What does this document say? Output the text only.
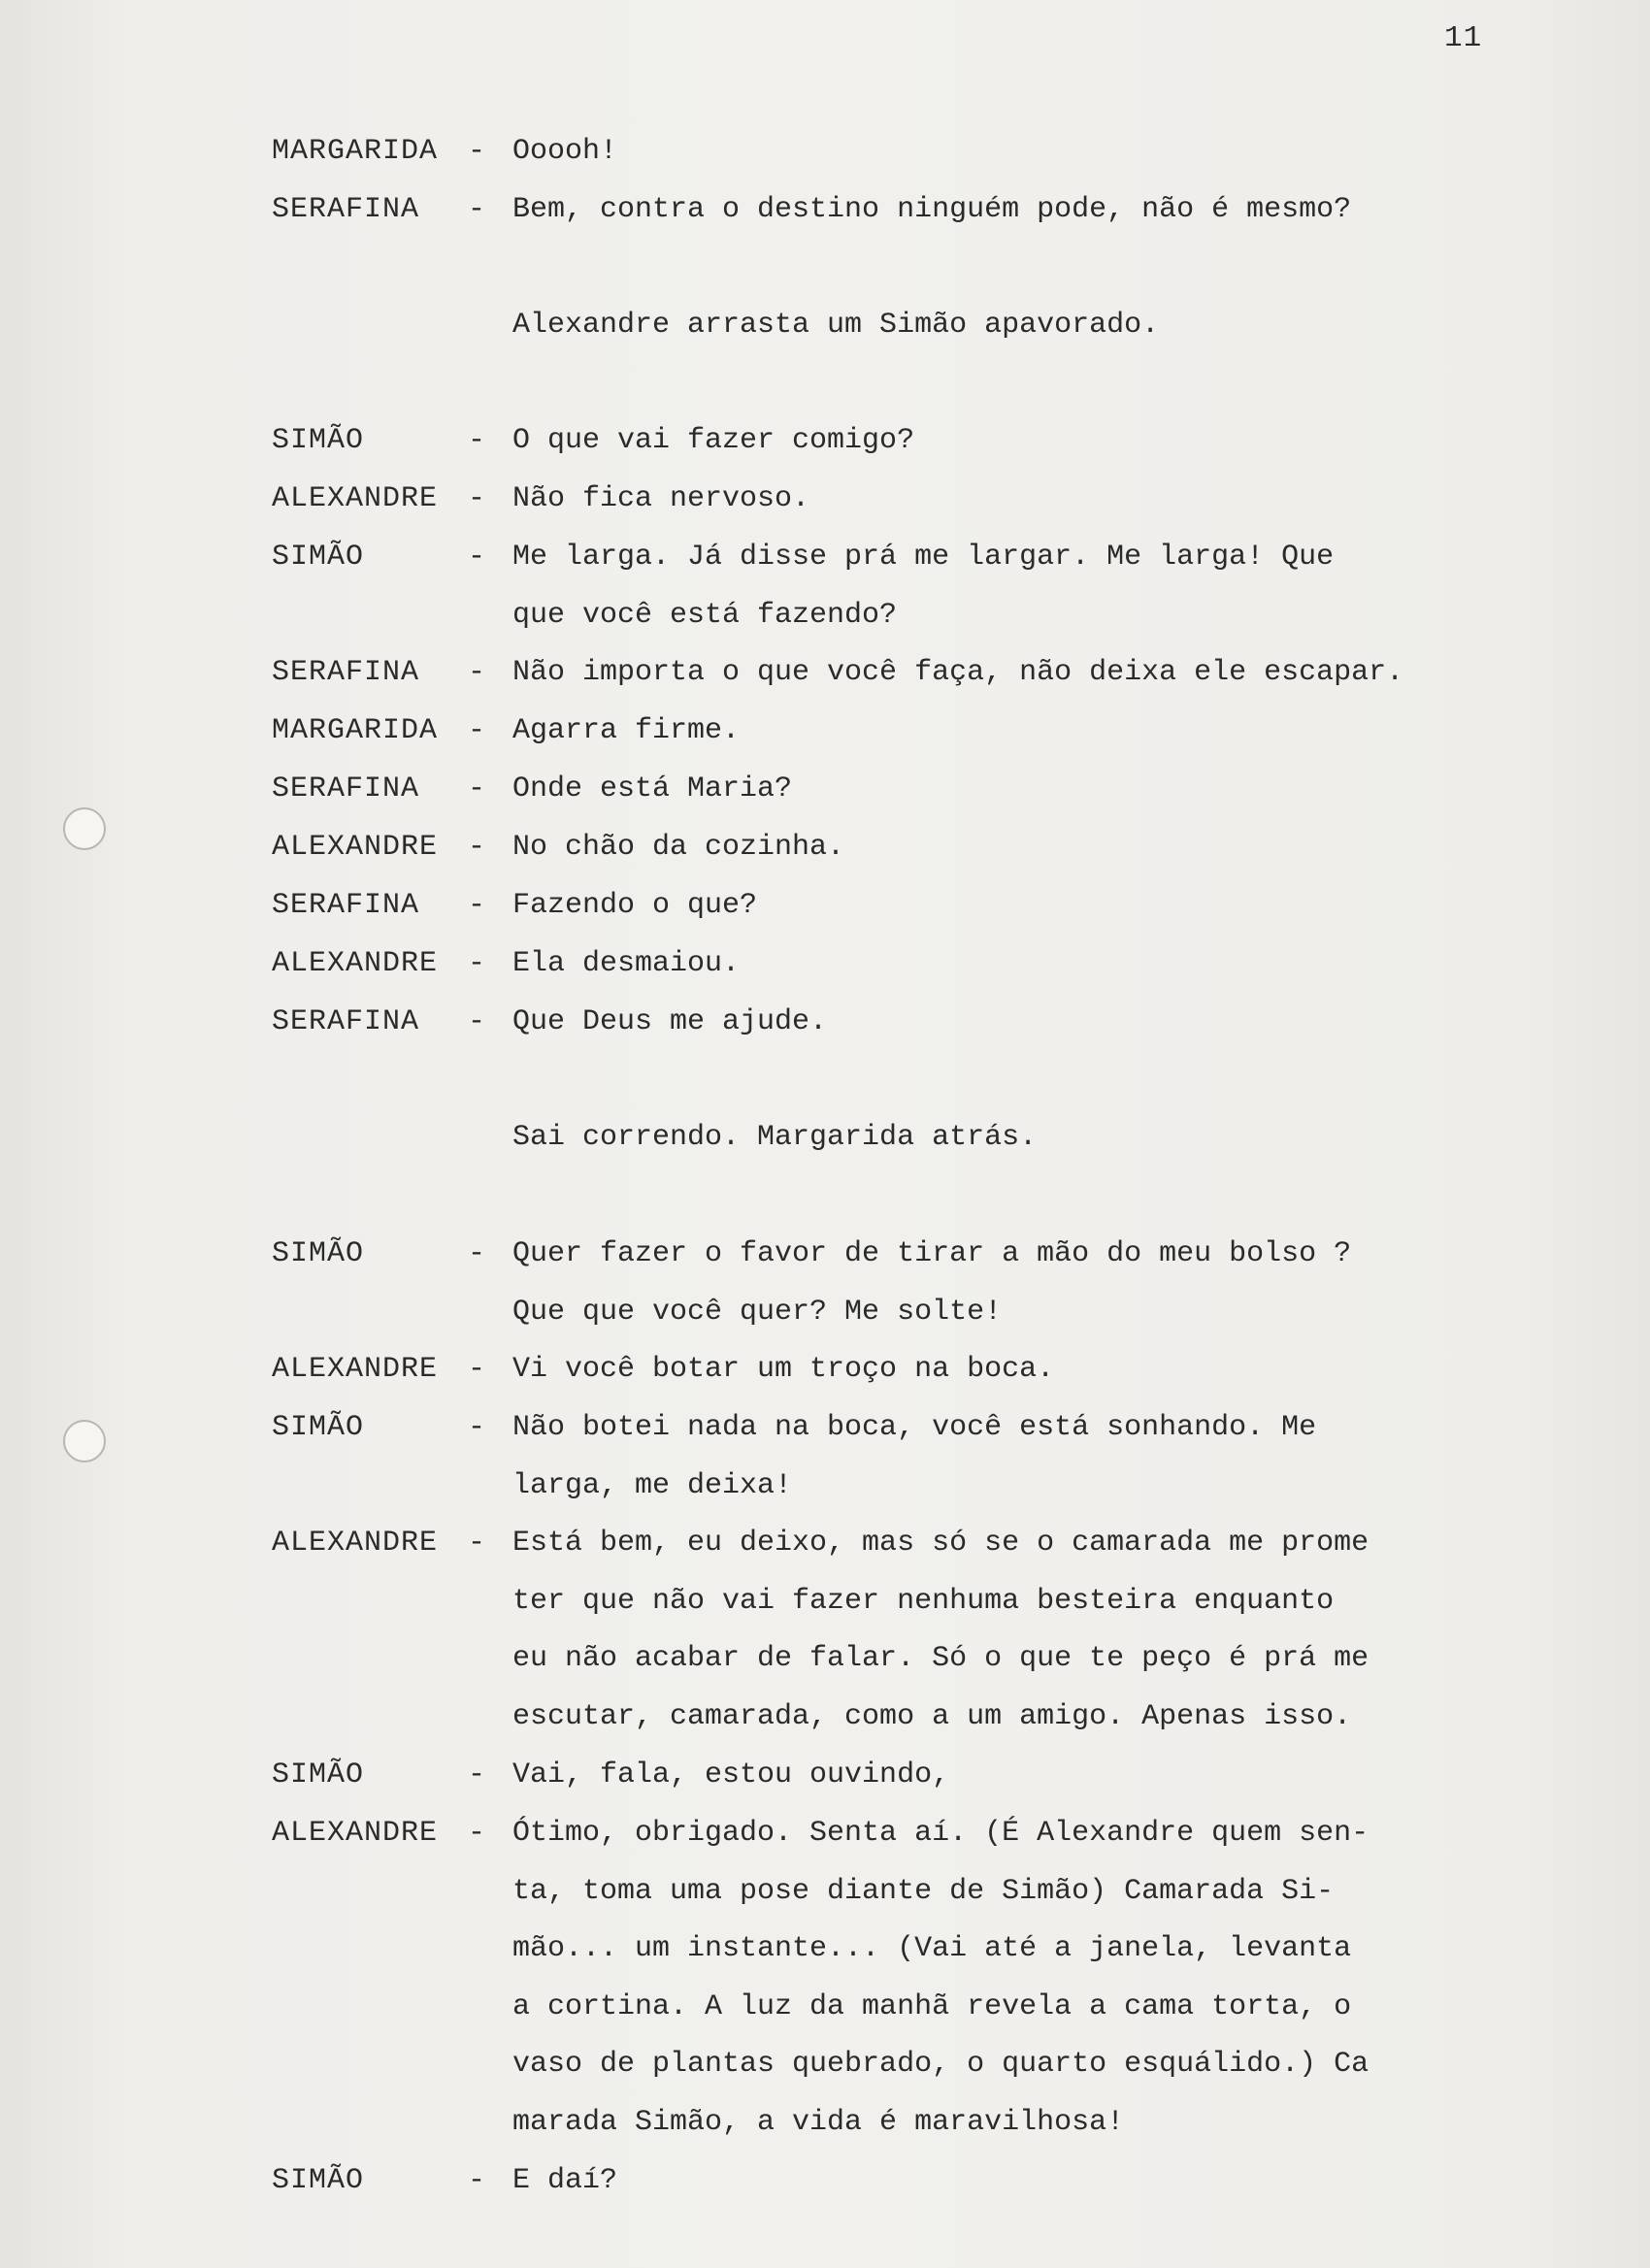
11
MARGARIDA - Ooooh!
SERAFINA - Bem, contra o destino ninguém pode, não é mesmo?
Alexandre arrasta um Simão apavorado.
SIMÃO	- O que vai fazer comigo?
ALEXANDRE - Não fica nervoso.
SIMÃO	- Me larga. Já disse prá me largar. Me larga! Que
que você está fazendo?
SERAFINA - Não importa o que você faça, não deixa ele escapar.
MARGARIDA - Agarra firme.
SERAFINA - Onde está Maria?
ALEXANDRE - No chão da cozinha.
SERAFINA - Fazendo o que?
ALEXANDRE - Ela desmaiou.
SERAFINA - Que Deus me ajude.
Sai correndo. Margarida atrás.
SIMÃO	- Quer fazer o favor de tirar a mão do meu bolso ?
Que que você quer? Me solte!
ALEXANDRE - Vi você botar um troço na boca.
SIMÃO	- Não botei nada na boca, você está sonhando. Me
larga, me deixa!
ALEXANDRE - Está bem, eu deixo, mas só se o camarada me prome
ter que não vai fazer nenhuma besteira enquanto
eu não acabar de falar. Só o que te peço é prá me
escutar, camarada, como a um amigo. Apenas isso.
SIMÃO	- Vai, fala, estou ouvindo,
ALEXANDRE - Ótimo, obrigado. Senta aí. (É Alexandre quem sen-
ta, toma uma pose diante de Simão) Camarada Si-
mão... um instante... (Vai até a janela, levanta
a cortina. A luz da manhã revela a cama torta, o
vaso de plantas quebrado, o quarto esquálido.) Ca
marada Simão, a vida é maravilhosa!
SIMÃO	- E daí?
